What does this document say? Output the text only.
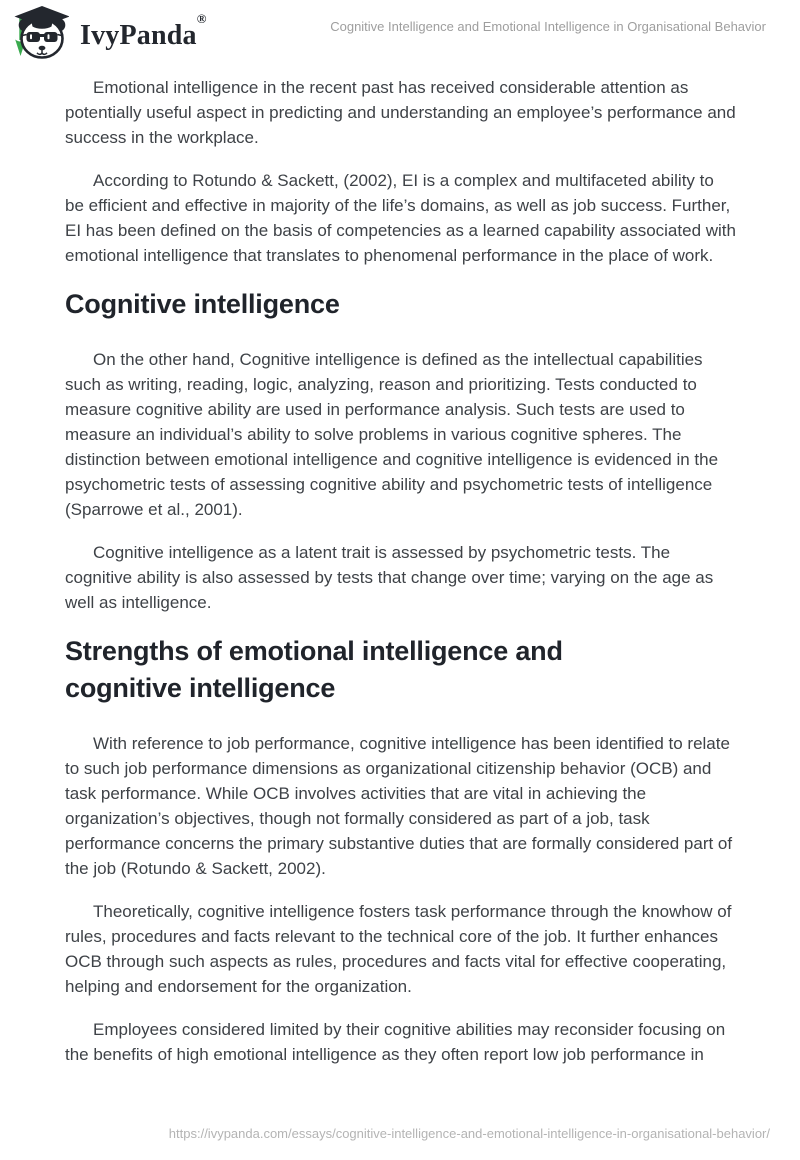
IvyPanda®
Cognitive Intelligence and Emotional Intelligence in Organisational Behavior

Emotional intelligence in the recent past has received considerable attention as potentially useful aspect in predicting and understanding an employee’s performance and success in the workplace.

According to Rotundo & Sackett, (2002), EI is a complex and multifaceted ability to be efficient and effective in majority of the life’s domains, as well as job success. Further, EI has been defined on the basis of competencies as a learned capability associated with emotional intelligence that translates to phenomenal performance in the place of work.

Cognitive intelligence

On the other hand, Cognitive intelligence is defined as the intellectual capabilities such as writing, reading, logic, analyzing, reason and prioritizing. Tests conducted to measure cognitive ability are used in performance analysis. Such tests are used to measure an individual’s ability to solve problems in various cognitive spheres. The distinction between emotional intelligence and cognitive intelligence is evidenced in the psychometric tests of assessing cognitive ability and psychometric tests of intelligence (Sparrowe et al., 2001).

Cognitive intelligence as a latent trait is assessed by psychometric tests. The cognitive ability is also assessed by tests that change over time; varying on the age as well as intelligence.

Strengths of emotional intelligence and cognitive intelligence

With reference to job performance, cognitive intelligence has been identified to relate to such job performance dimensions as organizational citizenship behavior (OCB) and task performance. While OCB involves activities that are vital in achieving the organization’s objectives, though not formally considered as part of a job, task performance concerns the primary substantive duties that are formally considered part of the job (Rotundo & Sackett, 2002).

Theoretically, cognitive intelligence fosters task performance through the knowhow of rules, procedures and facts relevant to the technical core of the job. It further enhances OCB through such aspects as rules, procedures and facts vital for effective cooperating, helping and endorsement for the organization.

Employees considered limited by their cognitive abilities may reconsider focusing on the benefits of high emotional intelligence as they often report low job performance in

https://ivypanda.com/essays/cognitive-intelligence-and-emotional-intelligence-in-organisational-behavior/
